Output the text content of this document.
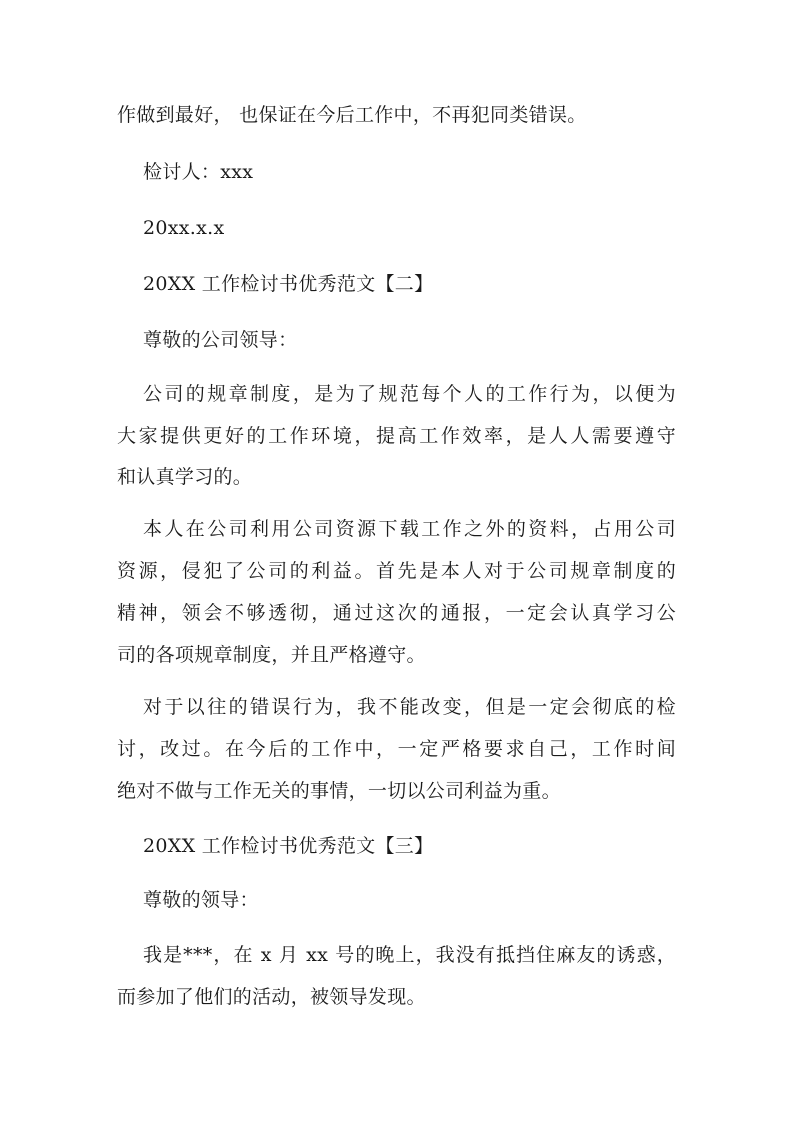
作做到最好， 也保证在今后工作中，不再犯同类错误。
检讨人：xxx
20xx.x.x
20XX 工作检讨书优秀范文【二】
尊敬的公司领导：
公司的规章制度，是为了规范每个人的工作行为，以便为
大家提供更好的工作环境，提高工作效率，是人人需要遵守
和认真学习的。
本人在公司利用公司资源下载工作之外的资料，占用公司
资源，侵犯了公司的利益。首先是本人对于公司规章制度的
精神，领会不够透彻，通过这次的通报，一定会认真学习公
司的各项规章制度，并且严格遵守。
对于以往的错误行为，我不能改变，但是一定会彻底的检
讨，改过。在今后的工作中，一定严格要求自己，工作时间
绝对不做与工作无关的事情，一切以公司利益为重。
20XX 工作检讨书优秀范文【三】
尊敬的领导：
我是***，在 x 月 xx 号的晚上，我没有抵挡住麻友的诱惑，
而参加了他们的活动，被领导发现。
